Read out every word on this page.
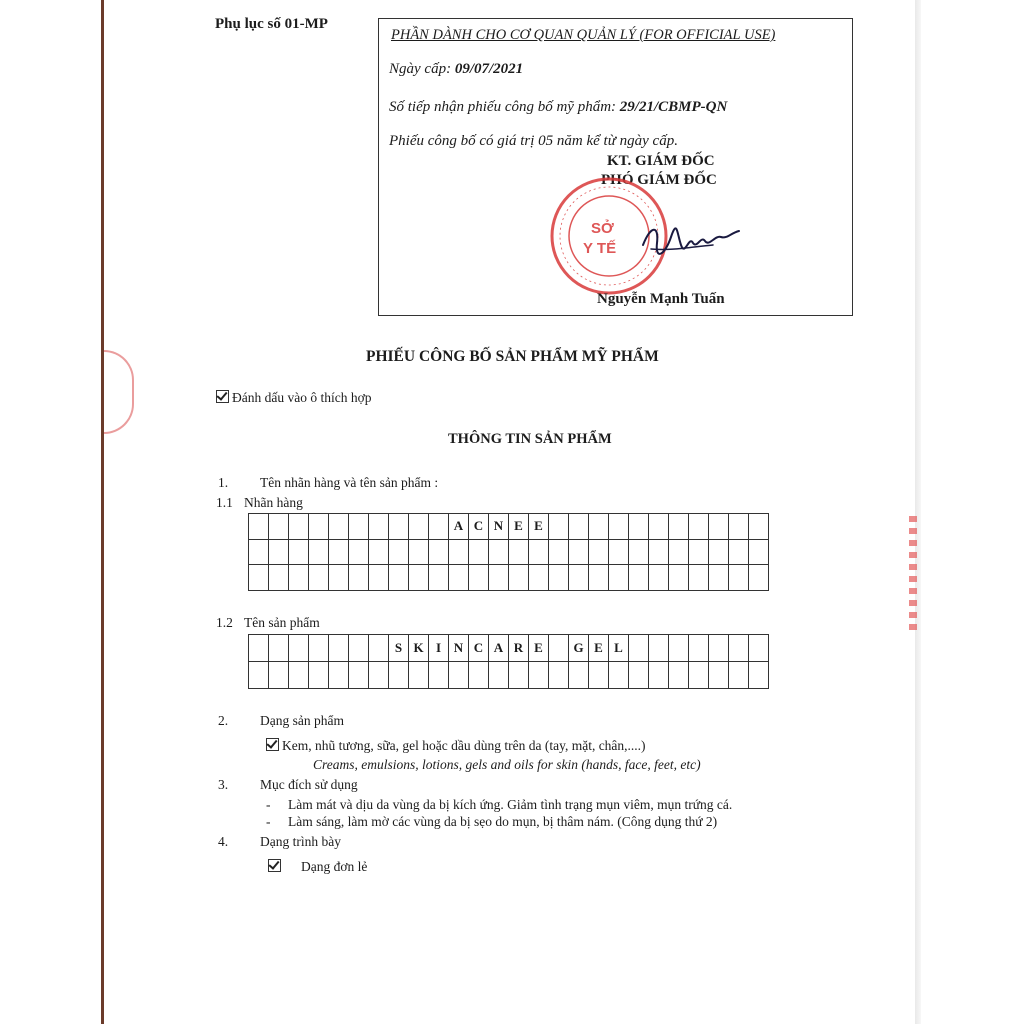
Phụ lục số 01-MP
PHẦN DÀNH CHO CƠ QUAN QUẢN LÝ (FOR OFFICIAL USE)
Ngày cấp: 09/07/2021
Số tiếp nhận phiếu công bố mỹ phẩm: 29/21/CBMP-QN
Phiếu công bố có giá trị 05 năm kể từ ngày cấp.
KT. GIÁM ĐỐC
PHÓ GIÁM ĐỐC
SỞ
Y TẾ
Nguyễn Mạnh Tuấn
PHIẾU CÔNG BỐ SẢN PHẨM MỸ PHẨM
Đánh dấu vào ô thích hợp
THÔNG TIN SẢN PHẨM
1. Tên nhãn hàng và tên sản phẩm :
1.1 Nhãn hàng
A C N E E
1.2 Tên sản phẩm
S K I N C A R E	G E L
2. Dạng sản phẩm
Kem, nhũ tương, sữa, gel hoặc dầu dùng trên da (tay, mặt, chân,....)
Creams, emulsions, lotions, gels and oils for skin (hands, face, feet, etc)
3. Mục đích sử dụng
- Làm mát và dịu da vùng da bị kích ứng. Giảm tình trạng mụn viêm, mụn trứng cá.
- Làm sáng, làm mờ các vùng da bị sẹo do mụn, bị thâm nám. (Công dụng thứ 2)
4. Dạng trình bày
Dạng đơn lẻ
